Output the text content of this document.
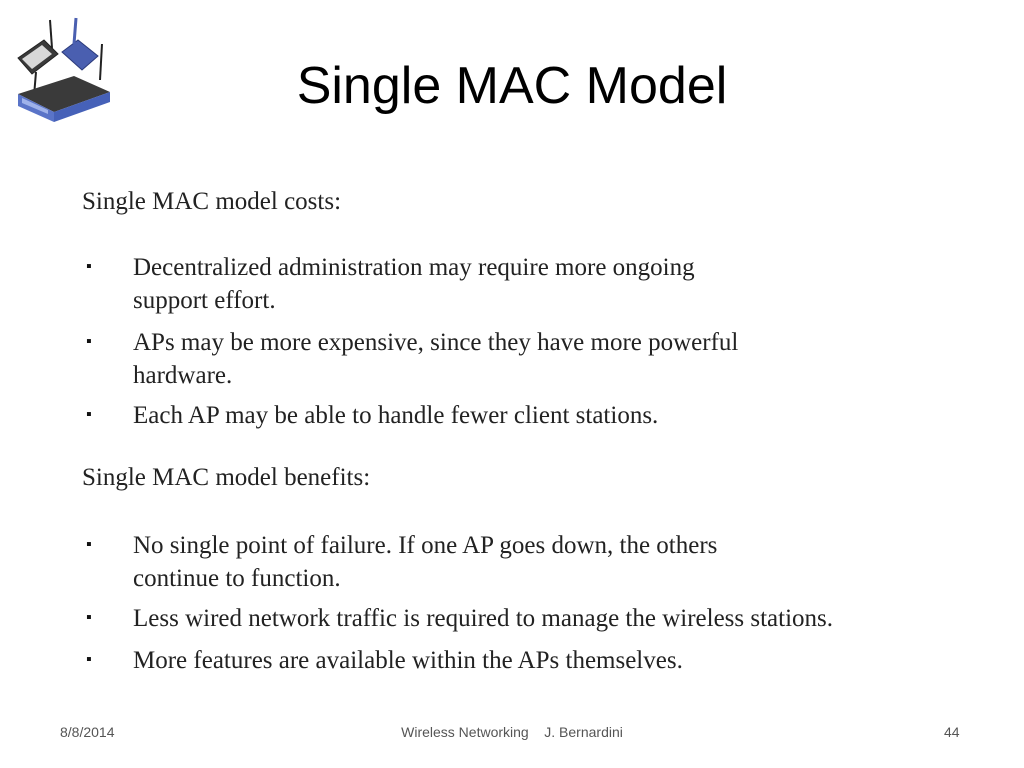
Single MAC Model
Single MAC model costs:
▪ Decentralized administration may require more ongoing
support effort.
▪ APs may be more expensive, since they have more powerful
hardware.
▪ Each AP may be able to handle fewer client stations.
Single MAC model benefits:
▪ No single point of failure. If one AP goes down, the others
continue to function.
▪ Less wired network traffic is required to manage the wireless stations.
▪ More features are available within the APs themselves.
8/8/2014	Wireless Networking    J. Bernardini	44
